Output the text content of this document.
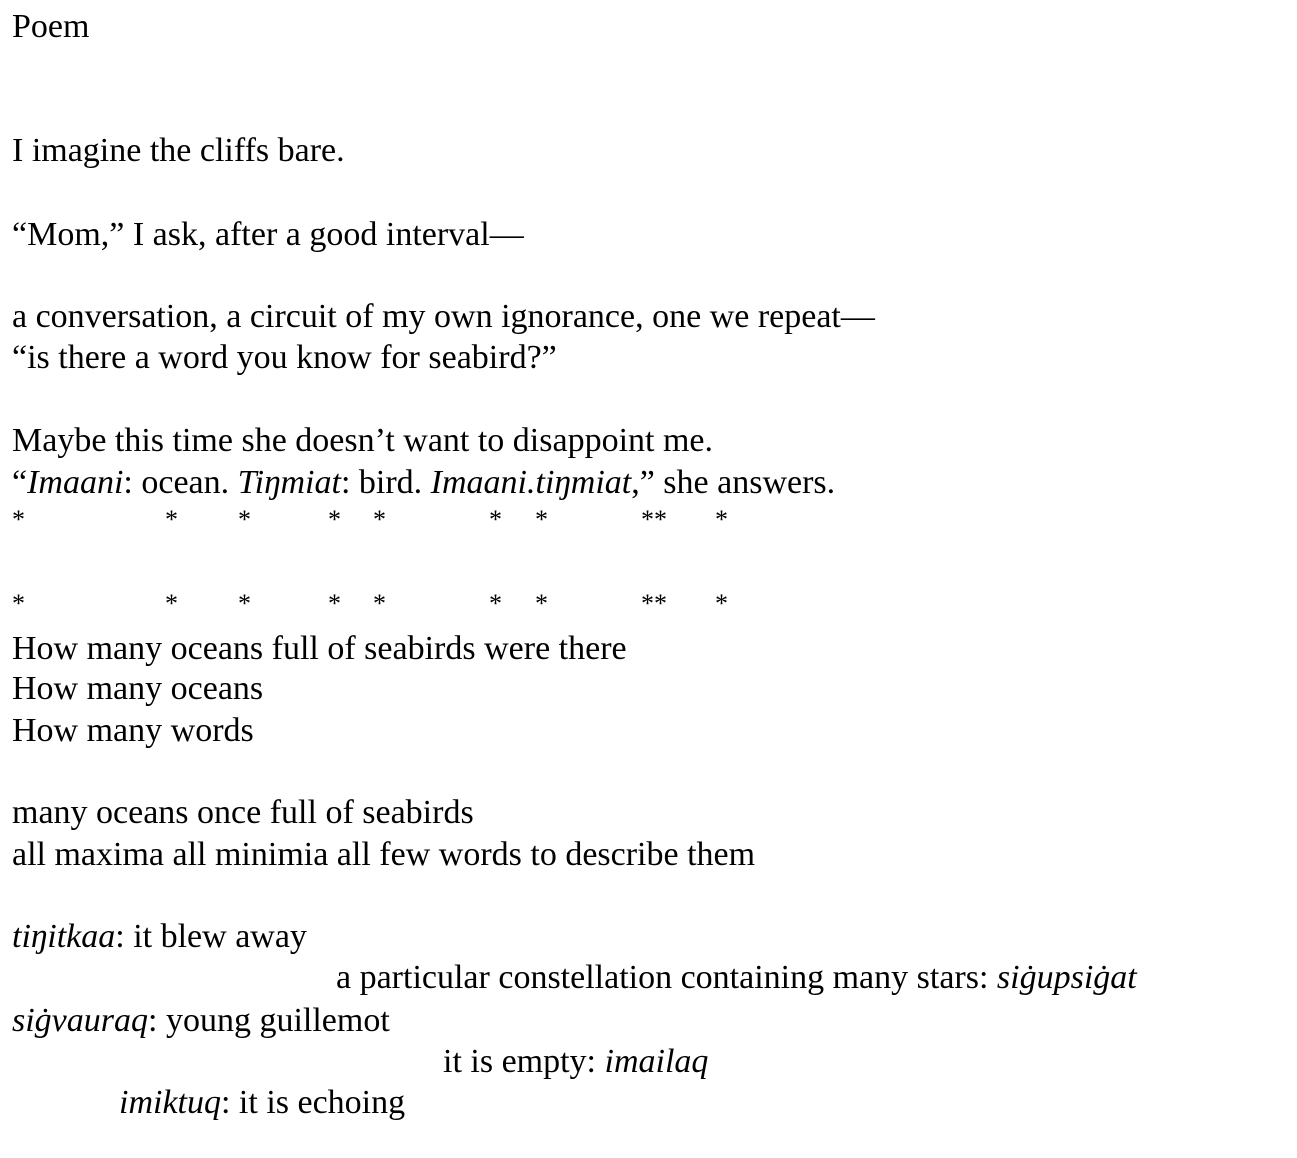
Poem
I imagine the cliffs bare.
“Mom,” I ask, after a good interval—
a conversation, a circuit of my own ignorance, one we repeat—
“is there a word you know for seabird?”
Maybe this time she doesn’t want to disappoint me.
“Imaani: ocean. Tiŋmiat: bird. Imaani.tiŋmiat,” she answers.
*	* *	* *	* *	** *
*	* *	* *	* *	** *
How many oceans full of seabirds were there
How many oceans
How many words
many oceans once full of seabirds
all maxima all minimia all few words to describe them
tiŋitkaa: it blew away
a particular constellation containing many stars: siġupsiġat
siġvauraq: young guillemot
it is empty: imailaq
imiktuq: it is echoing
